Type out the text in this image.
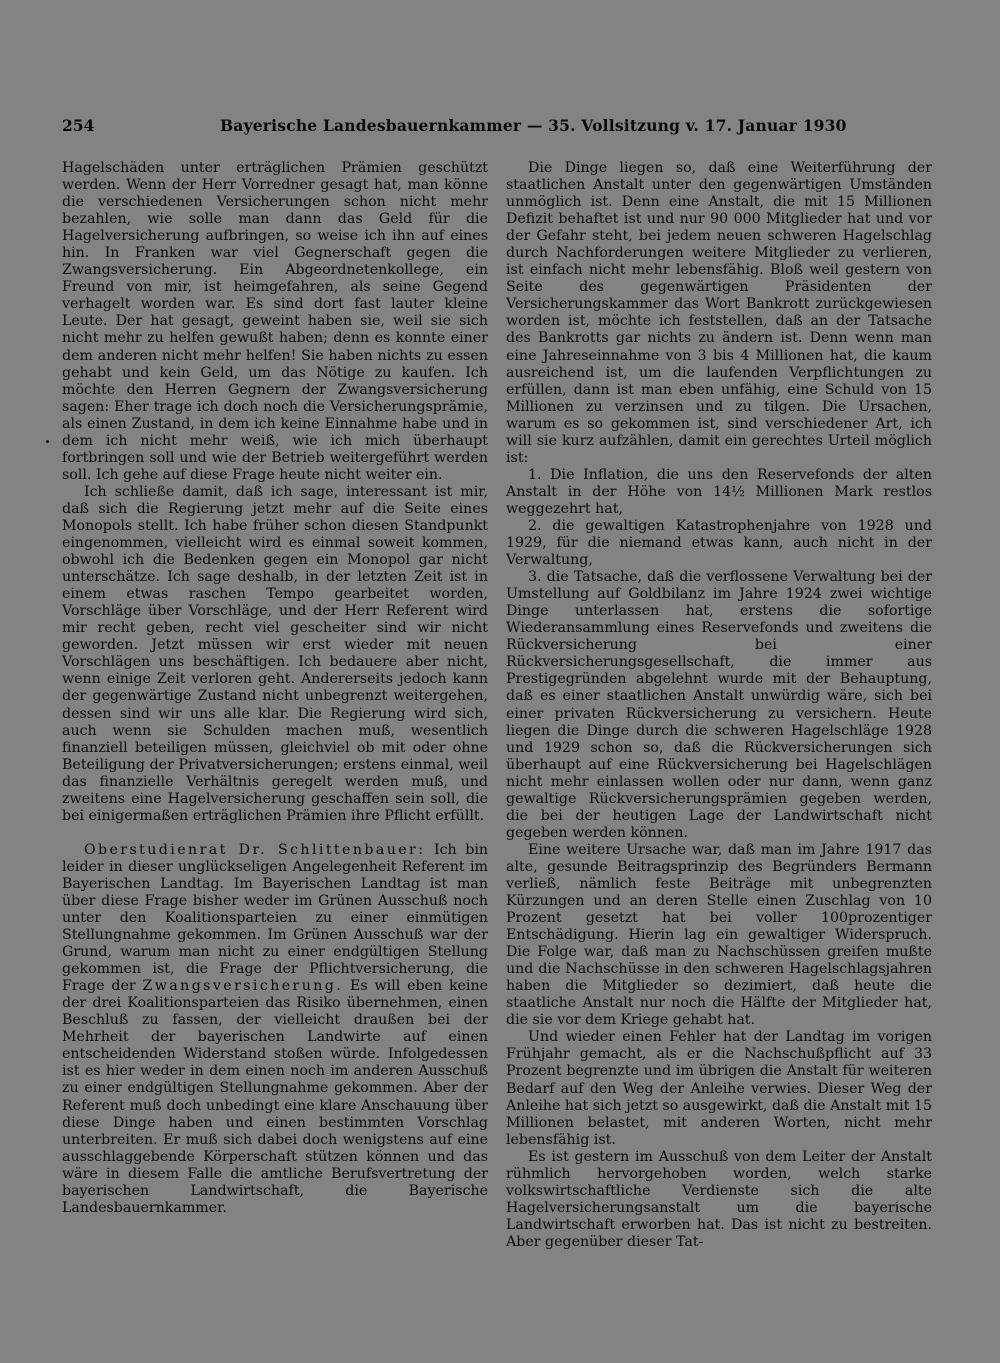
254	Bayerische Landesbauernkammer — 35. Vollsitzung v. 17. Januar 1930

Hagelschäden unter erträglichen Prämien geschützt werden. Wenn der Herr Vorredner gesagt hat, man könne die verschiedenen Versicherungen schon nicht mehr bezahlen, wie solle man dann das Geld für die Hagelversicherung aufbringen, so weise ich ihn auf eines hin. In Franken war viel Gegnerschaft gegen die Zwangsversicherung. Ein Abgeordnetenkollege, ein Freund von mir, ist heimgefahren, als seine Gegend verhagelt worden war. Es sind dort fast lauter kleine Leute. Der hat gesagt, geweint haben sie, weil sie sich nicht mehr zu helfen gewußt haben; denn es konnte einer dem anderen nicht mehr helfen! Sie haben nichts zu essen gehabt und kein Geld, um das Nötige zu kaufen. Ich möchte den Herren Gegnern der Zwangsversicherung sagen: Eher trage ich doch noch die Versicherungsprämie, als einen Zustand, in dem ich keine Einnahme habe und in dem ich nicht mehr weiß, wie ich mich überhaupt fortbringen soll und wie der Betrieb weitergeführt werden soll. Ich gehe auf diese Frage heute nicht weiter ein.

Ich schließe damit, daß ich sage, interessant ist mir, daß sich die Regierung jetzt mehr auf die Seite eines Monopols stellt. Ich habe früher schon diesen Standpunkt eingenommen, vielleicht wird es einmal soweit kommen, obwohl ich die Bedenken gegen ein Monopol gar nicht unterschätze. Ich sage deshalb, in der letzten Zeit ist in einem etwas raschen Tempo gearbeitet worden, Vorschläge über Vorschläge, und der Herr Referent wird mir recht geben, recht viel gescheiter sind wir nicht geworden. Jetzt müssen wir erst wieder mit neuen Vorschlägen uns beschäftigen. Ich bedauere aber nicht, wenn einige Zeit verloren geht. Andererseits jedoch kann der gegenwärtige Zustand nicht unbegrenzt weitergehen, dessen sind wir uns alle klar. Die Regierung wird sich, auch wenn sie Schulden machen muß, wesentlich finanziell beteiligen müssen, gleichviel ob mit oder ohne Beteiligung der Privatversicherungen; erstens einmal, weil das finanzielle Verhältnis geregelt werden muß, und zweitens eine Hagelversicherung geschaffen sein soll, die bei einigermaßen erträglichen Prämien ihre Pflicht erfüllt.

Oberstudienrat Dr. Schlittenbauer: Ich bin leider in dieser unglückseligen Angelegenheit Referent im Bayerischen Landtag. Im Bayerischen Landtag ist man über diese Frage bisher weder im Grünen Ausschuß noch unter den Koalitionsparteien zu einer einmütigen Stellungnahme gekommen. Im Grünen Ausschuß war der Grund, warum man nicht zu einer endgültigen Stellung gekommen ist, die Frage der Pflichtversicherung, die Frage der Zwangsversicherung. Es will eben keine der drei Koalitionsparteien das Risiko übernehmen, einen Beschluß zu fassen, der vielleicht draußen bei der Mehrheit der bayerischen Landwirte auf einen entscheidenden Widerstand stoßen würde. Infolgedessen ist es hier weder in dem einen noch im anderen Ausschuß zu einer endgültigen Stellungnahme gekommen. Aber der Referent muß doch unbedingt eine klare Anschauung über diese Dinge haben und einen bestimmten Vorschlag unterbreiten. Er muß sich dabei doch wenigstens auf eine ausschlaggebende Körperschaft stützen können und das wäre in diesem Falle die amtliche Berufsvertretung der bayerischen Landwirtschaft, die Bayerische Landesbauernkammer.

Die Dinge liegen so, daß eine Weiterführung der staatlichen Anstalt unter den gegenwärtigen Umständen unmöglich ist. Denn eine Anstalt, die mit 15 Millionen Defizit behaftet ist und nur 90 000 Mitglieder hat und vor der Gefahr steht, bei jedem neuen schweren Hagelschlag durch Nachforderungen weitere Mitglieder zu verlieren, ist einfach nicht mehr lebensfähig. Bloß weil gestern von Seite des gegenwärtigen Präsidenten der Versicherungskammer das Wort Bankrott zurückgewiesen worden ist, möchte ich feststellen, daß an der Tatsache des Bankrotts gar nichts zu ändern ist. Denn wenn man eine Jahreseinnahme von 3 bis 4 Millionen hat, die kaum ausreichend ist, um die laufenden Verpflichtungen zu erfüllen, dann ist man eben unfähig, eine Schuld von 15 Millionen zu verzinsen und zu tilgen. Die Ursachen, warum es so gekommen ist, sind verschiedener Art, ich will sie kurz aufzählen, damit ein gerechtes Urteil möglich ist:

1. Die Inflation, die uns den Reservefonds der alten Anstalt in der Höhe von 14½ Millionen Mark restlos weggezehrt hat,

2. die gewaltigen Katastrophenjahre von 1928 und 1929, für die niemand etwas kann, auch nicht in der Verwaltung,

3. die Tatsache, daß die verflossene Verwaltung bei der Umstellung auf Goldbilanz im Jahre 1924 zwei wichtige Dinge unterlassen hat, erstens die sofortige Wiederansammlung eines Reservefonds und zweitens die Rückversicherung bei einer Rückversicherungsgesellschaft, die immer aus Prestigegründen abgelehnt wurde mit der Behauptung, daß es einer staatlichen Anstalt unwürdig wäre, sich bei einer privaten Rückversicherung zu versichern. Heute liegen die Dinge durch die schweren Hagelschläge 1928 und 1929 schon so, daß die Rückversicherungen sich überhaupt auf eine Rückversicherung bei Hagelschlägen nicht mehr einlassen wollen oder nur dann, wenn ganz gewaltige Rückversicherungsprämien gegeben werden, die bei der heutigen Lage der Landwirtschaft nicht gegeben werden können.

Eine weitere Ursache war, daß man im Jahre 1917 das alte, gesunde Beitragsprinzip des Begründers Bermann verließ, nämlich feste Beiträge mit unbegrenzten Kürzungen und an deren Stelle einen Zuschlag von 10 Prozent gesetzt hat bei voller 100prozentiger Entschädigung. Hierin lag ein gewaltiger Widerspruch. Die Folge war, daß man zu Nachschüssen greifen mußte und die Nachschüsse in den schweren Hagelschlagsjahren haben die Mitglieder so dezimiert, daß heute die staatliche Anstalt nur noch die Hälfte der Mitglieder hat, die sie vor dem Kriege gehabt hat.

Und wieder einen Fehler hat der Landtag im vorigen Frühjahr gemacht, als er die Nachschußpflicht auf 33 Prozent begrenzte und im übrigen die Anstalt für weiteren Bedarf auf den Weg der Anleihe verwies. Dieser Weg der Anleihe hat sich jetzt so ausgewirkt, daß die Anstalt mit 15 Millionen belastet, mit anderen Worten, nicht mehr lebensfähig ist.

Es ist gestern im Ausschuß von dem Leiter der Anstalt rühmlich hervorgehoben worden, welch starke volkswirtschaftliche Verdienste sich die alte Hagelversicherungsanstalt um die bayerische Landwirtschaft erworben hat. Das ist nicht zu bestreiten. Aber gegenüber dieser Tat-
